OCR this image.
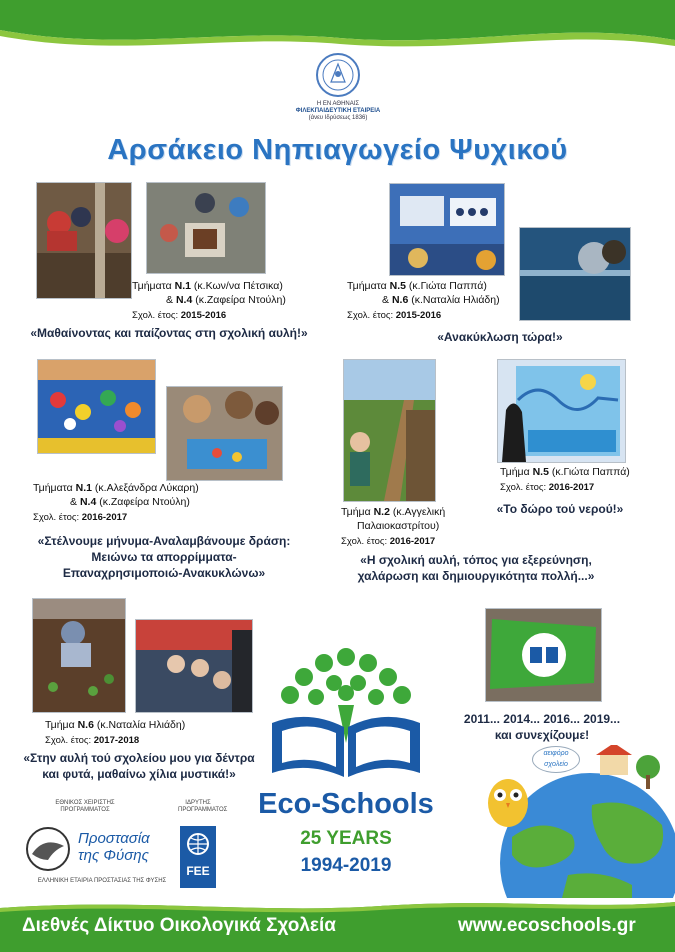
Η ΕΝ ΑΘΗΝΑΙΣ
ΦΙΛΕΚΠΑΙΔΕΥΤΙΚΗ ΕΤΑΙΡΕΙΑ
(άνευ Ιδρύσεως 1836)
Αρσάκειο Νηπιαγωγείο Ψυχικού
Τμήματα Ν.1 (κ.Κων/να Πέτσικα)
& Ν.4 (κ.Ζαφείρα Ντούλη)
Σχολ. έτος: 2015-2016
«Μαθαίνοντας και παίζοντας στη σχολική αυλή!»
Τμήματα Ν.5 (κ.Γιώτα Παππά)
& Ν.6 (κ.Ναταλία Ηλιάδη)
Σχολ. έτος: 2015-2016
«Ανακύκλωση τώρα!»
Τμήματα Ν.1 (κ.Αλεξάνδρα Λύκαρη)
& Ν.4 (κ.Ζαφείρα Ντούλη)
Σχολ. έτος: 2016-2017
«Στέλνουμε μήνυμα-Αναλαμβάνουμε δράση:
Μειώνω τα απορρίμματα-
Επαναχρησιμοποιώ-Ανακυκλώνω»
Τμήμα Ν.2 (κ.Αγγελική
Παλαιοκαστρίτου)
Σχολ. έτος: 2016-2017
«Η σχολική αυλή, τόπος για εξερεύνηση,
χαλάρωση και δημιουργικότητα πολλή...»
Τμήμα Ν.5 (κ.Γιώτα Παππά)
Σχολ. έτος: 2016-2017
«Το δώρο τού νερού!»
Τμήμα Ν.6 (κ.Ναταλία Ηλιάδη)
Σχολ. έτος: 2017-2018
«Στην αυλή τού σχολείου μου για δέντρα
και φυτά, μαθαίνω χίλια μυστικά!»
2011... 2014... 2016... 2019...
και συνεχίζουμε!
Eco-Schools
25 YEARS
1994-2019
ΕΘΝΙΚΟΣ ΧΕΙΡΙΣΤΗΣ
ΠΡΟΓΡΑΜΜΑΤΟΣ
Προστασία
της Φύσης
ΕΛΛΗΝΙΚΗ ΕΤΑΙΡΙΑ ΠΡΟΣΤΑΣΙΑΣ ΤΗΣ ΦΥΣΗΣ
ΙΔΡΥΤΗΣ
ΠΡΟΓΡΑΜΜΑΤΟΣ
FEE
αειφόρο σχολείο
Διεθνές Δίκτυο Οικολογικά Σχολεία	www.ecoschools.gr
